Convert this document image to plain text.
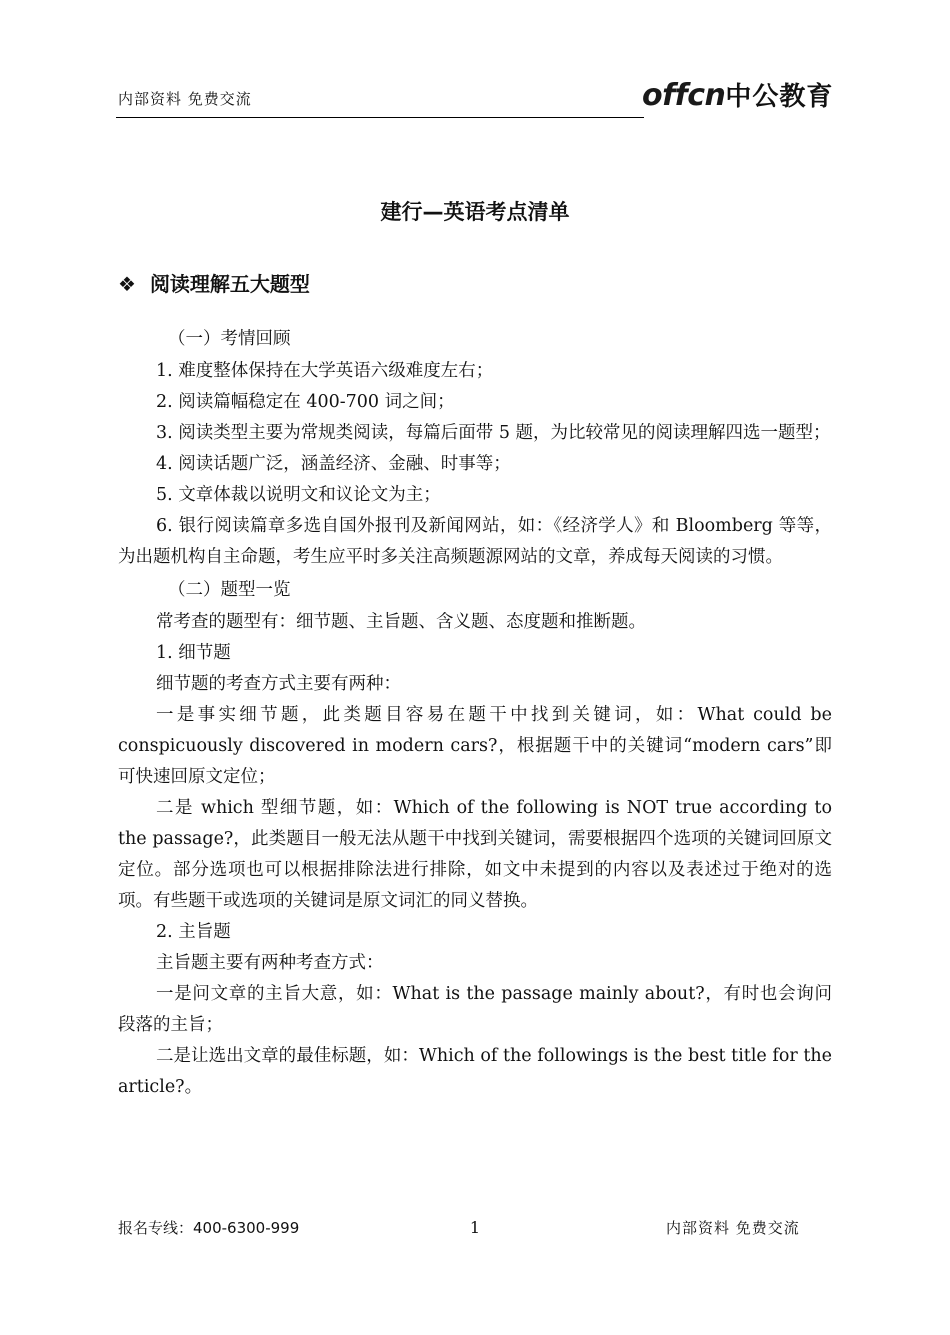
内部资料 免费交流	offcn中公教育
建行—英语考点清单
❖ 阅读理解五大题型
（一）考情回顾

1. 难度整体保持在大学英语六级难度左右；

2. 阅读篇幅稳定在 400-700 词之间；

3. 阅读类型主要为常规类阅读，每篇后面带 5 题，为比较常见的阅读理解四选一题型；

4. 阅读话题广泛，涵盖经济、金融、时事等；

5. 文章体裁以说明文和议论文为主；

6. 银行阅读篇章多选自国外报刊及新闻网站，如：《经济学人》和 Bloomberg 等等，为出题机构自主命题，考生应平时多关注高频题源网站的文章，养成每天阅读的习惯。

（二）题型一览

常考查的题型有：细节题、主旨题、含义题、态度题和推断题。

1. 细节题

细节题的考查方式主要有两种：

一是事实细节题，此类题目容易在题干中找到关键词，如：What could be conspicuously discovered in modern cars?，根据题干中的关键词“modern cars”即可快速回原文定位；

二是 which 型细节题，如：Which of the following is NOT true according to the passage?，此类题目一般无法从题干中找到关键词，需要根据四个选项的关键词回原文定位。部分选项也可以根据排除法进行排除，如文中未提到的内容以及表述过于绝对的选项。有些题干或选项的关键词是原文词汇的同义替换。

2. 主旨题

主旨题主要有两种考查方式：

一是问文章的主旨大意，如：What is the passage mainly about?，有时也会询问段落的主旨；

二是让选出文章的最佳标题，如：Which of the followings is the best title for the article?。

报名专线：400-6300-999	1	内部资料 免费交流
